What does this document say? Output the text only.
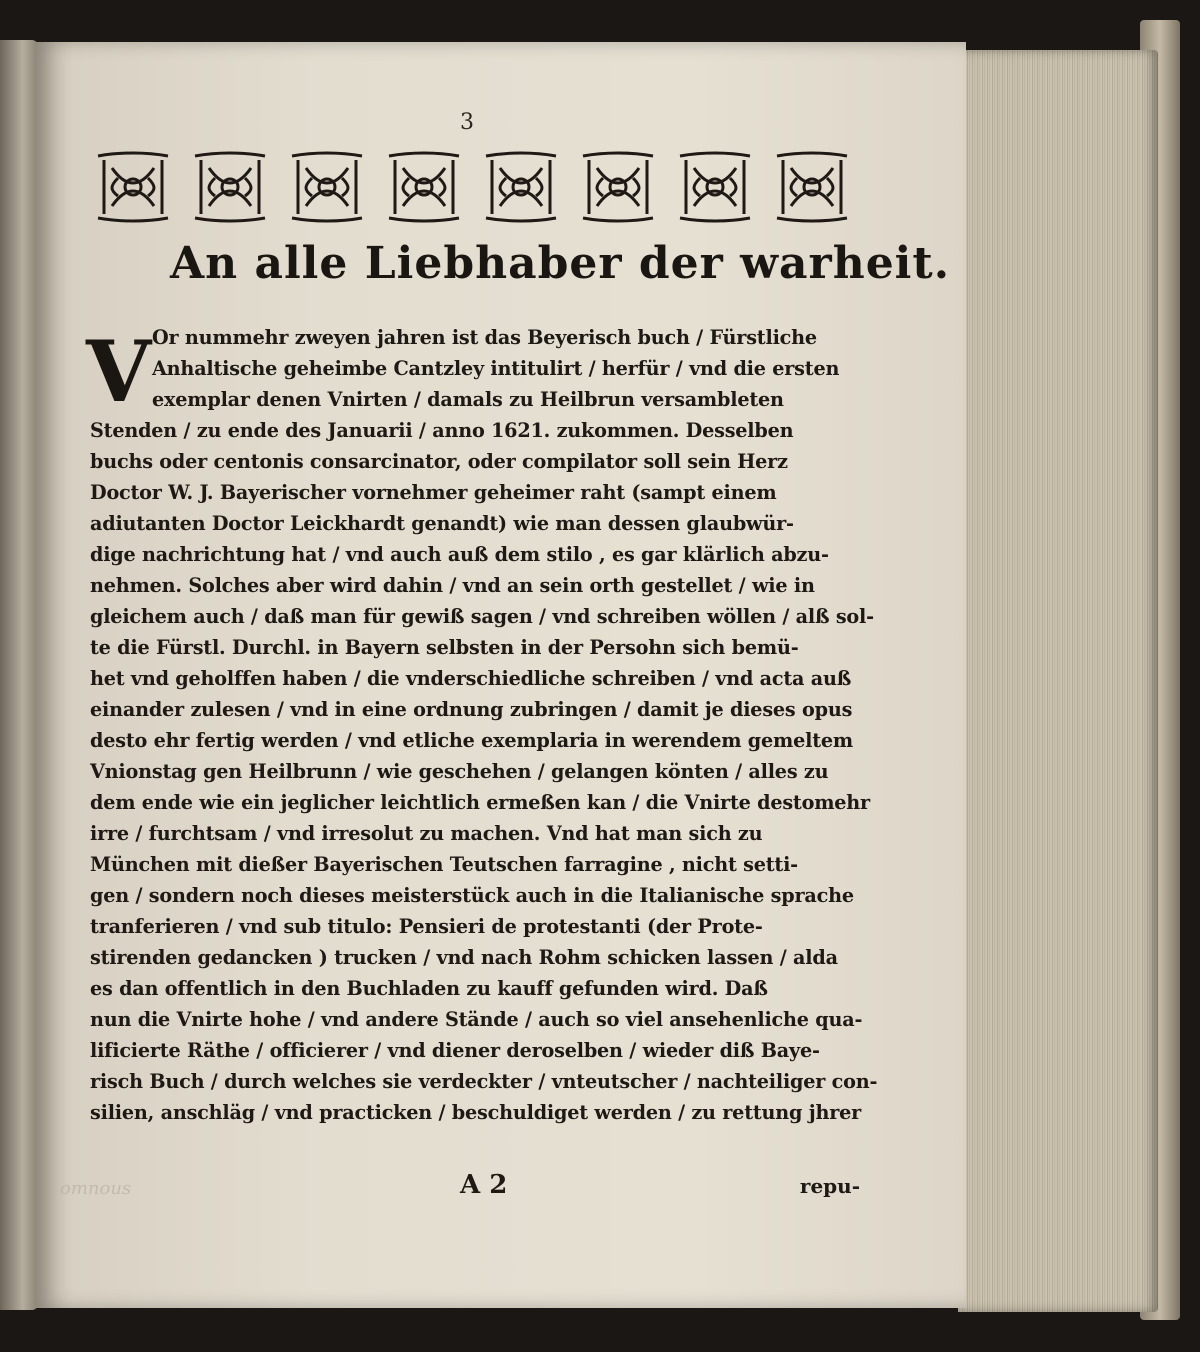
3
An alle Liebhaber der warheit.
V Or nummehr zweyen jahren ist das Beyerisch buch / Fürstliche
Anhaltische geheimbe Cantzley intitulirt / herfür / vnd die ersten
exemplar denen Vnirten / damals zu Heilbrun versambleten
Stenden / zu ende des Januarii / anno 1621. zukommen. Desselben
buchs oder centonis consarcinator, oder compilator soll sein Herz
Doctor W. J. Bayerischer vornehmer geheimer raht (sampt einem
adiutanten Doctor Leickhardt genandt) wie man dessen glaubwür-
dige nachrichtung hat / vnd auch auß dem stilo , es gar klärlich abzu-
nehmen. Solches aber wird dahin / vnd an sein orth gestellet / wie in
gleichem auch / daß man für gewiß sagen / vnd schreiben wöllen / alß sol-
te die Fürstl. Durchl. in Bayern selbsten in der Persohn sich bemü-
het vnd geholffen haben / die vnderschiedliche schreiben / vnd acta auß
einander zulesen / vnd in eine ordnung zubringen / damit je dieses opus
desto ehr fertig werden / vnd etliche exemplaria in werendem gemeltem
Vnionstag gen Heilbrunn / wie geschehen / gelangen könten / alles zu
dem ende wie ein jeglicher leichtlich ermeßen kan / die Vnirte destomehr
irre / furchtsam / vnd irresolut zu machen. Vnd hat man sich zu
München mit dießer Bayerischen Teutschen farragine , nicht setti-
gen / sondern noch dieses meisterstück auch in die Italianische sprache
tranferieren / vnd sub titulo: Pensieri de protestanti (der Prote-
stirenden gedancken ) trucken / vnd nach Rohm schicken lassen / alda
es dan offentlich in den Buchladen zu kauff gefunden wird. Daß
nun die Vnirte hohe / vnd andere Stände / auch so viel ansehenliche qua-
lificierte Räthe / officierer / vnd diener deroselben / wieder diß Baye-
risch Buch / durch welches sie verdeckter / vnteutscher / nachteiliger con-
silien, anschläg / vnd practicken / beschuldiget werden / zu rettung jhrer
omnous	A 2	repu-
